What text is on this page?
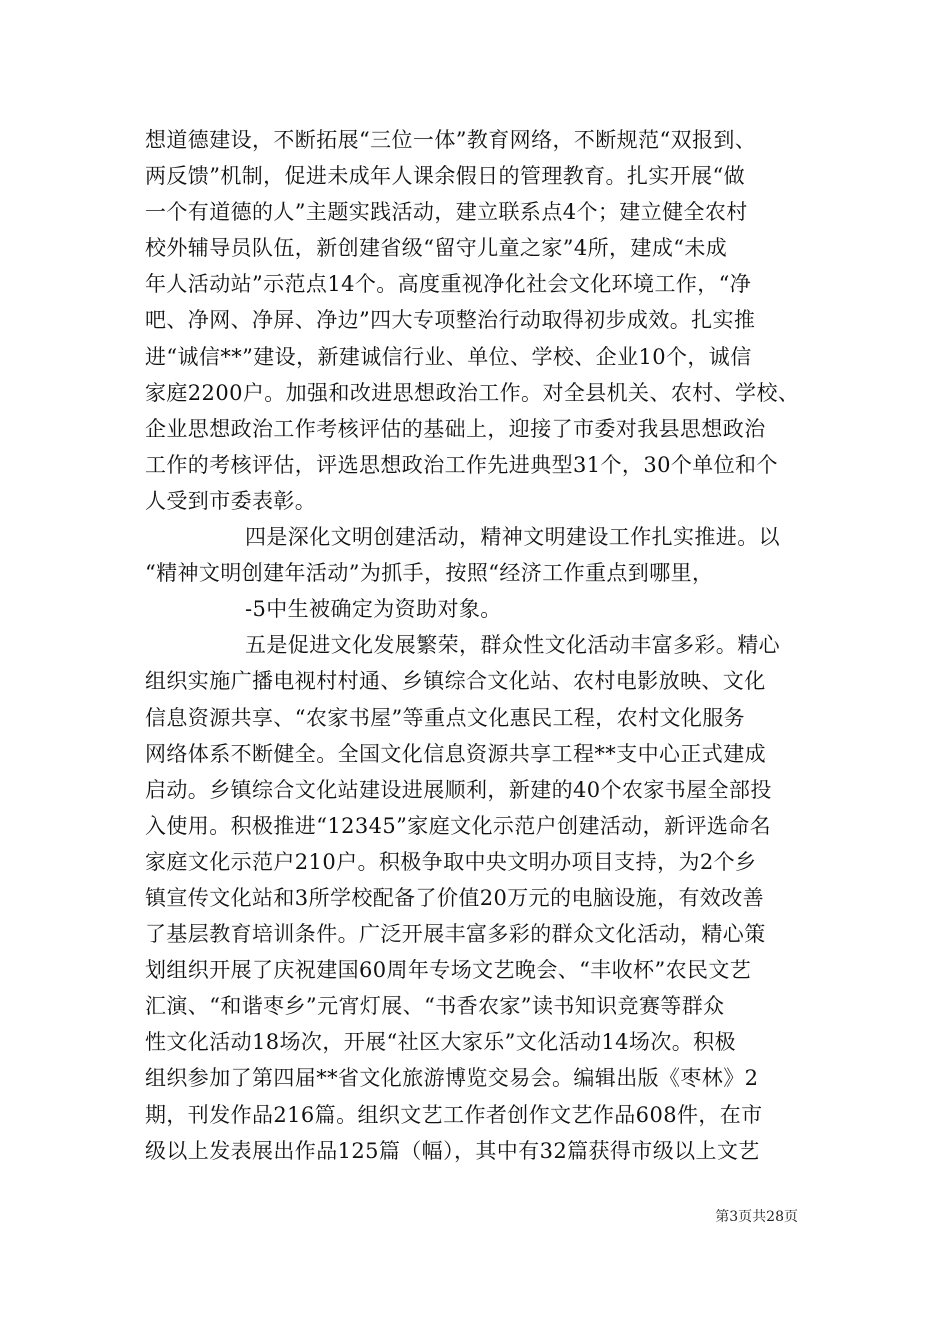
想道德建设，不断拓展“三位一体”教育网络，不断规范“双报到、
两反馈”机制，促进未成年人课余假日的管理教育。扎实开展“做
一个有道德的人”主题实践活动，建立联系点4个；建立健全农村
校外辅导员队伍，新创建省级“留守儿童之家”4所，建成“未成
年人活动站”示范点14个。高度重视净化社会文化环境工作，“净
吧、净网、净屏、净边”四大专项整治行动取得初步成效。扎实推
进“诚信**”建设，新建诚信行业、单位、学校、企业10个，诚信
家庭2200户。加强和改进思想政治工作。对全县机关、农村、学校、
企业思想政治工作考核评估的基础上，迎接了市委对我县思想政治
工作的考核评估，评选思想政治工作先进典型31个，30个单位和个
人受到市委表彰。
四是深化文明创建活动，精神文明建设工作扎实推进。以
“精神文明创建年活动”为抓手，按照“经济工作重点到哪里，
-5中生被确定为资助对象。
五是促进文化发展繁荣，群众性文化活动丰富多彩。精心
组织实施广播电视村村通、乡镇综合文化站、农村电影放映、文化
信息资源共享、“农家书屋”等重点文化惠民工程，农村文化服务
网络体系不断健全。全国文化信息资源共享工程**支中心正式建成
启动。乡镇综合文化站建设进展顺利，新建的40个农家书屋全部投
入使用。积极推进“12345”家庭文化示范户创建活动，新评选命名
家庭文化示范户210户。积极争取中央文明办项目支持，为2个乡
镇宣传文化站和3所学校配备了价值20万元的电脑设施，有效改善
了基层教育培训条件。广泛开展丰富多彩的群众文化活动，精心策
划组织开展了庆祝建国60周年专场文艺晚会、“丰收杯”农民文艺
汇演、“和谐枣乡”元宵灯展、“书香农家”读书知识竞赛等群众
性文化活动18场次，开展“社区大家乐”文化活动14场次。积极
组织参加了第四届**省文化旅游博览交易会。编辑出版《枣林》2
期，刊发作品216篇。组织文艺工作者创作文艺作品608件，在市
级以上发表展出作品125篇（幅），其中有32篇获得市级以上文艺
第3页共28页
